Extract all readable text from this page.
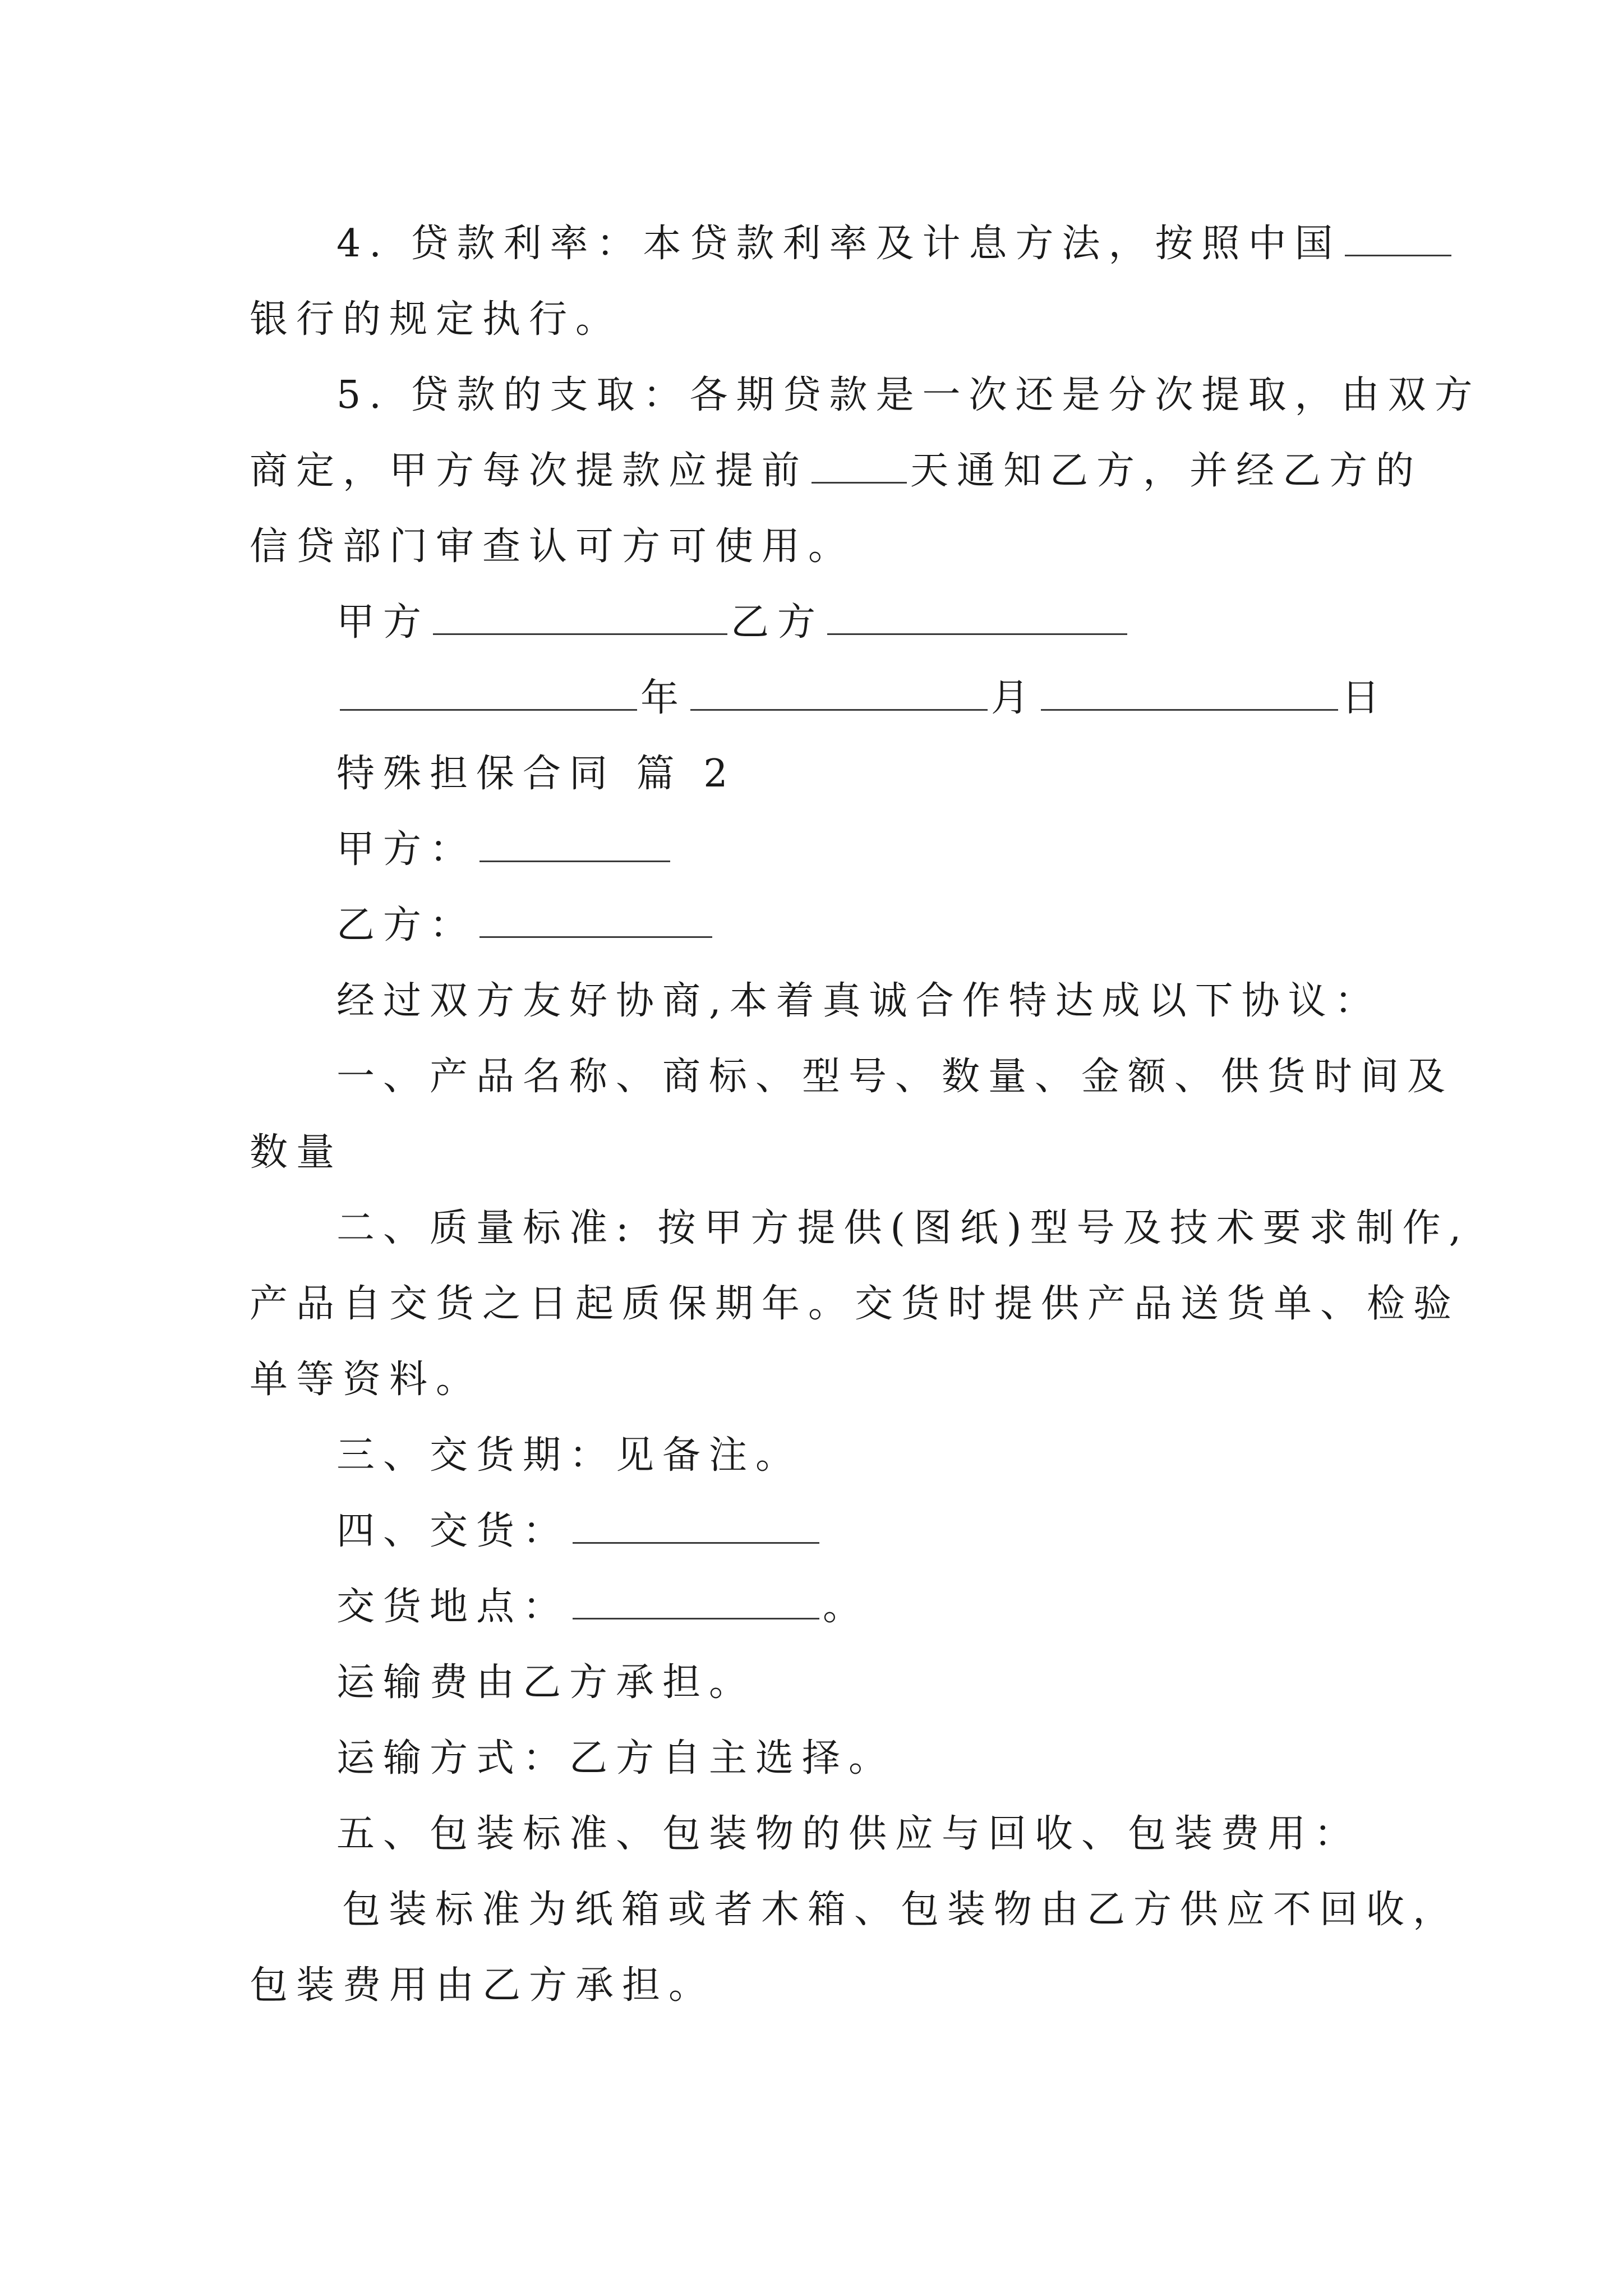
4. 贷款利率：本贷款利率及计息方法，按照中国
银行的规定执行。
5. 贷款的支取：各期贷款是一次还是分次提取，由双方
商定，甲方每次提款应提前	天通知乙方，并经乙方的
信贷部门审查认可方可使用。
甲方	乙方
年	月	日
特殊担保合同 篇 2
甲方：
乙方：
经过双方友好协商,本着真诚合作特达成以下协议：
一、产品名称、商标、型号、数量、金额、供货时间及
数量
二、质量标准: 按甲方提供(图纸)型号及技术要求制作,
产品自交货之日起质保期年。交货时提供产品送货单、检验
单等资料。
三、交货期：见备注。
四、交货：
交货地点：	。
运输费由乙方承担。
运输方式：乙方自主选择。
五、包装标准、包装物的供应与回收、包装费用：
包装标准为纸箱或者木箱、包装物由乙方供应不回收，
包装费用由乙方承担。
